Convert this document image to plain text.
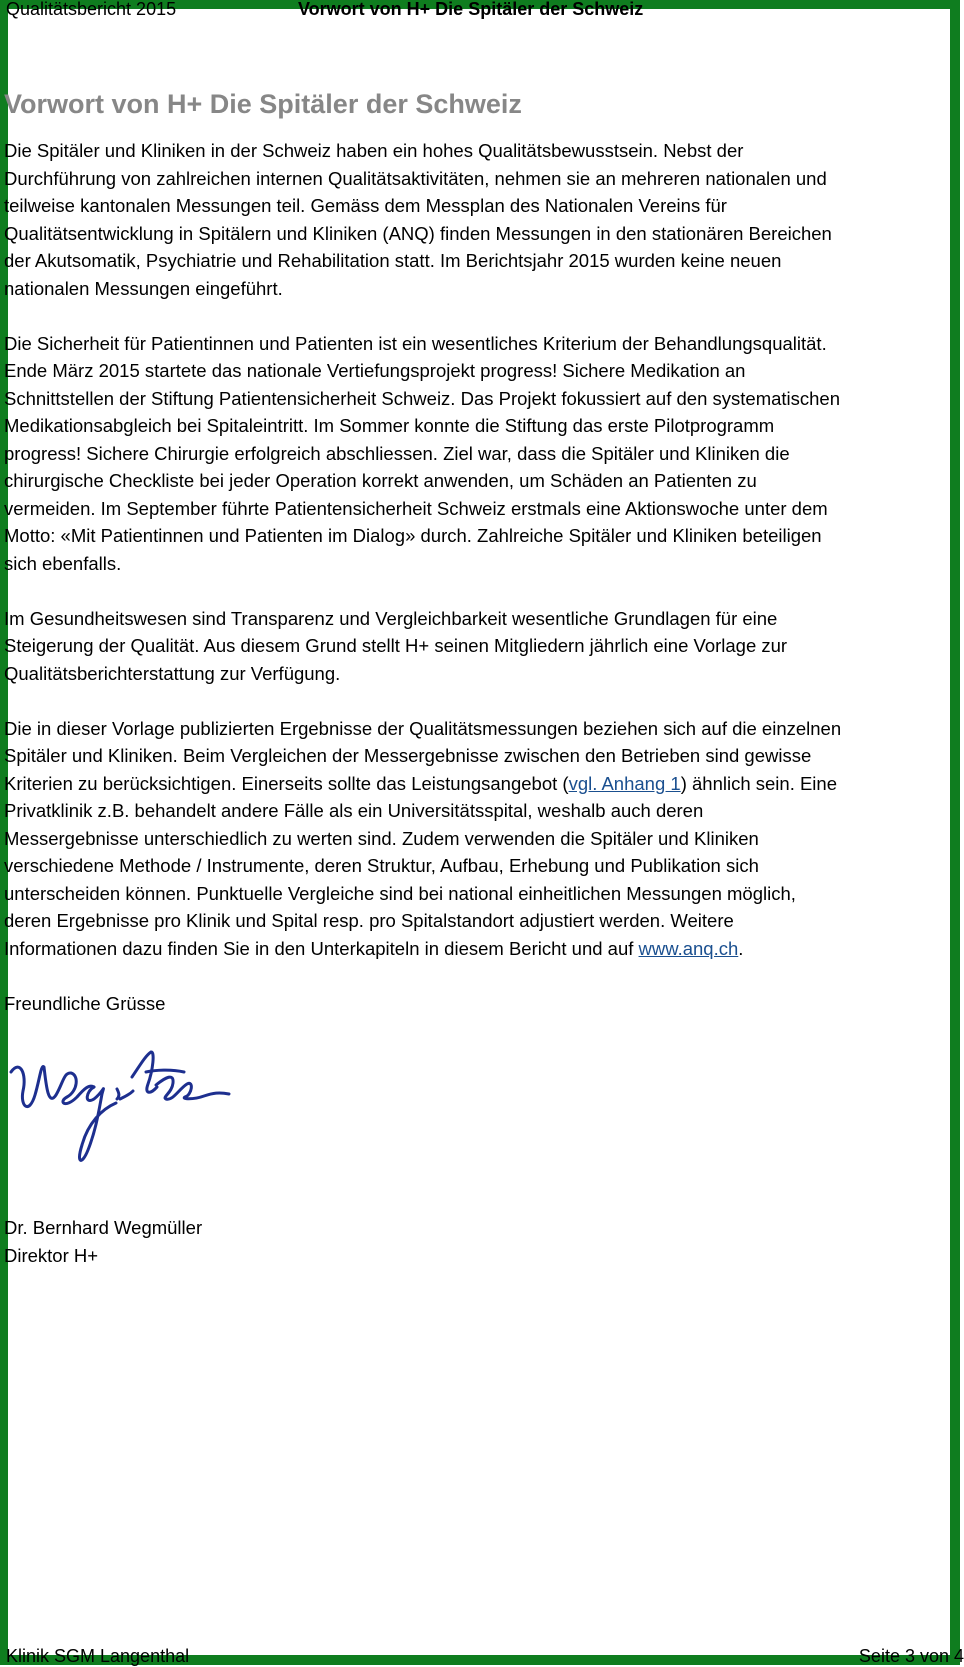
Qualitätsbericht 2015	Vorwort von H+ Die Spitäler der Schweiz
Vorwort von H+ Die Spitäler der Schweiz

Die Spitäler und Kliniken in der Schweiz haben ein hohes Qualitätsbewusstsein. Nebst der
Durchführung von zahlreichen internen Qualitätsaktivitäten, nehmen sie an mehreren nationalen und
teilweise kantonalen Messungen teil. Gemäss dem Messplan des Nationalen Vereins für
Qualitätsentwicklung in Spitälern und Kliniken (ANQ) finden Messungen in den stationären Bereichen
der Akutsomatik, Psychiatrie und Rehabilitation statt. Im Berichtsjahr 2015 wurden keine neuen
nationalen Messungen eingeführt.

Die Sicherheit für Patientinnen und Patienten ist ein wesentliches Kriterium der Behandlungsqualität.
Ende März 2015 startete das nationale Vertiefungsprojekt progress! Sichere Medikation an
Schnittstellen der Stiftung Patientensicherheit Schweiz. Das Projekt fokussiert auf den systematischen
Medikationsabgleich bei Spitaleintritt. Im Sommer konnte die Stiftung das erste Pilotprogramm
progress! Sichere Chirurgie erfolgreich abschliessen. Ziel war, dass die Spitäler und Kliniken die
chirurgische Checkliste bei jeder Operation korrekt anwenden, um Schäden an Patienten zu
vermeiden. Im September führte Patientensicherheit Schweiz erstmals eine Aktionswoche unter dem
Motto: «Mit Patientinnen und Patienten im Dialog» durch. Zahlreiche Spitäler und Kliniken beteiligen
sich ebenfalls.

Im Gesundheitswesen sind Transparenz und Vergleichbarkeit wesentliche Grundlagen für eine
Steigerung der Qualität. Aus diesem Grund stellt H+ seinen Mitgliedern jährlich eine Vorlage zur
Qualitätsberichterstattung zur Verfügung.

Die in dieser Vorlage publizierten Ergebnisse der Qualitätsmessungen beziehen sich auf die einzelnen
Spitäler und Kliniken. Beim Vergleichen der Messergebnisse zwischen den Betrieben sind gewisse
Kriterien zu berücksichtigen. Einerseits sollte das Leistungsangebot (vgl. Anhang 1) ähnlich sein. Eine
Privatklinik z.B. behandelt andere Fälle als ein Universitätsspital, weshalb auch deren
Messergebnisse unterschiedlich zu werten sind. Zudem verwenden die Spitäler und Kliniken
verschiedene Methode / Instrumente, deren Struktur, Aufbau, Erhebung und Publikation sich
unterscheiden können. Punktuelle Vergleiche sind bei national einheitlichen Messungen möglich,
deren Ergebnisse pro Klinik und Spital resp. pro Spitalstandort adjustiert werden. Weitere
Informationen dazu finden Sie in den Unterkapiteln in diesem Bericht und auf www.anq.ch.

Freundliche Grüsse

Dr. Bernhard Wegmüller
Direktor H+
Klinik SGM Langenthal	Seite 3 von 4
